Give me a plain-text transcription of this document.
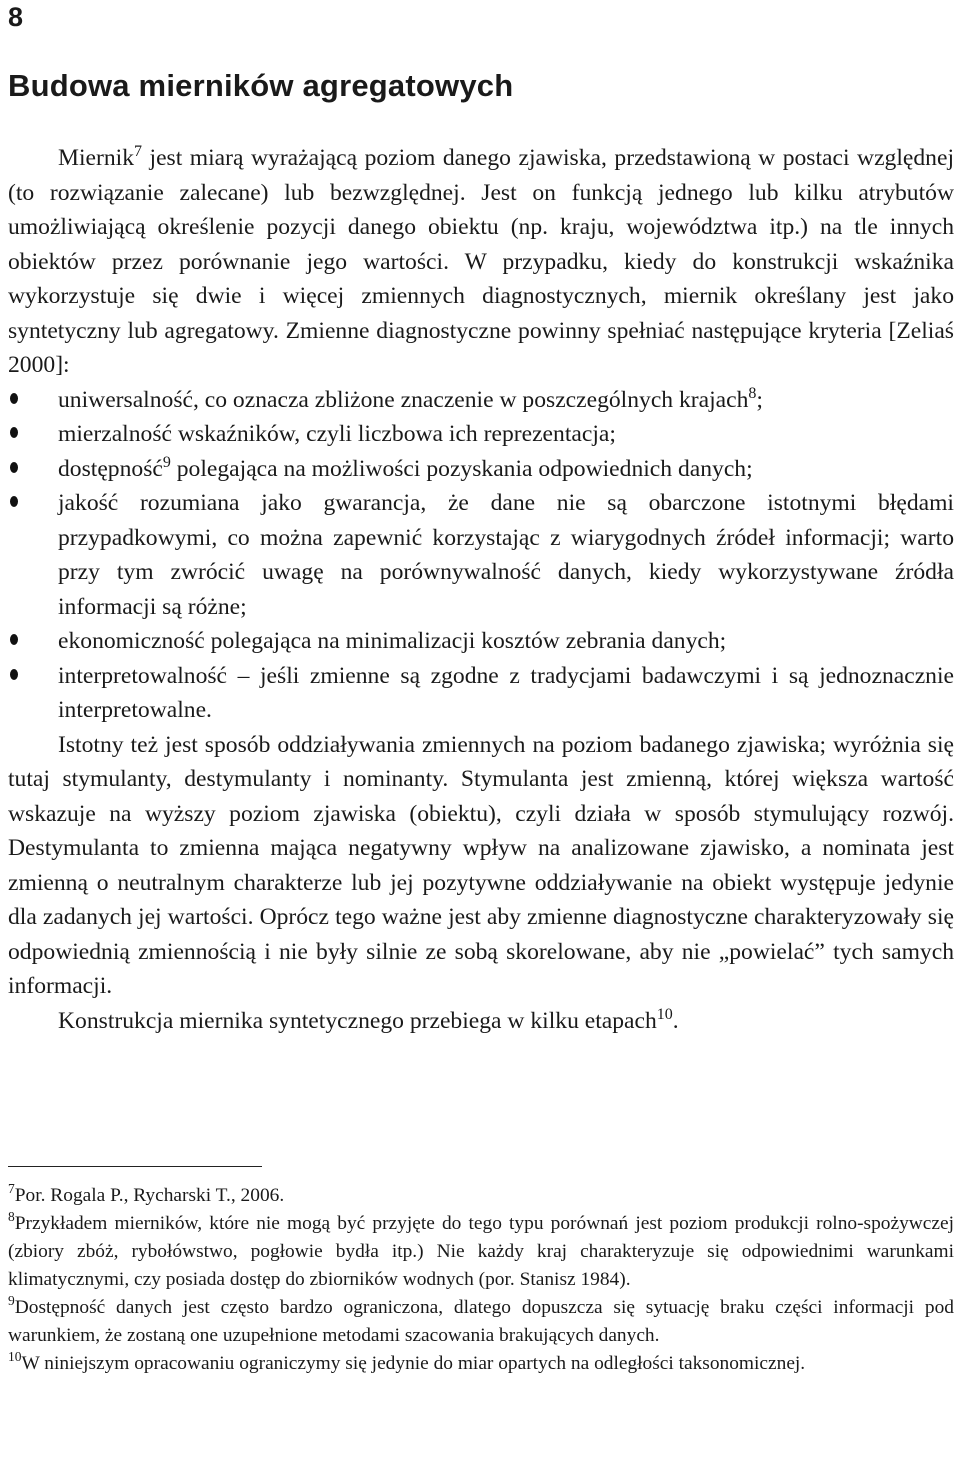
8
Budowa mierników agregatowych

Miernik$^7$ jest miarą wyrażającą poziom danego zjawiska, przedstawioną w postaci względnej (to rozwiązanie zalecane) lub bezwzględnej. Jest on funkcją jednego lub kilku atrybutów umożliwiającą określenie pozycji danego obiektu (np. kraju, województwa itp.) na tle innych obiektów przez porównanie jego wartości. W przypadku, kiedy do konstrukcji wskaźnika wykorzystuje się dwie i więcej zmiennych diagnostycznych, miernik określany jest jako syntetyczny lub agregatowy. Zmienne diagnostyczne powinny spełniać następujące kryteria [Zeliaś 2000]:

uniwersalność, co oznacza zbliżone znaczenie w poszczególnych krajach$^8$;
mierzalność wskaźników, czyli liczbowa ich reprezentacja;
dostępność$^9$ polegająca na możliwości pozyskania odpowiednich danych;
jakość rozumiana jako gwarancja, że dane nie są obarczone istotnymi błędami przypadkowymi, co można zapewnić korzystając z wiarygodnych źródeł informacji; warto przy tym zwrócić uwagę na porównywalność danych, kiedy wykorzystywane źródła informacji są różne;
ekonomiczność polegająca na minimalizacji kosztów zebrania danych;
interpretowalność – jeśli zmienne są zgodne z tradycjami badawczymi i są jednoznacznie interpretowalne.

Istotny też jest sposób oddziaływania zmiennych na poziom badanego zjawiska; wyróżnia się tutaj stymulanty, destymulanty i nominanty. Stymulanta jest zmienną, której większa wartość wskazuje na wyższy poziom zjawiska (obiektu), czyli działa w sposób stymulujący rozwój. Destymulanta to zmienna mająca negatywny wpływ na analizowane zjawisko, a nominata jest zmienną o neutralnym charakterze lub jej pozytywne oddziaływanie na obiekt występuje jedynie dla zadanych jej wartości. Oprócz tego ważne jest aby zmienne diagnostyczne charakteryzowały się odpowiednią zmiennością i nie były silnie ze sobą skorelowane, aby nie „powielać” tych samych informacji.

Konstrukcja miernika syntetycznego przebiega w kilku etapach$^{10}$.

$^7$Por. Rogala P., Rycharski T., 2006.

$^8$Przykładem mierników, które nie mogą być przyjęte do tego typu porównań jest poziom produkcji rolno-spożywczej (zbiory zbóż, rybołówstwo, pogłowie bydła itp.) Nie każdy kraj charakteryzuje się odpowiednimi warunkami klimatycznymi, czy posiada dostęp do zbiorników wodnych (por. Stanisz 1984).

$^9$Dostępność danych jest często bardzo ograniczona, dlatego dopuszcza się sytuację braku części informacji pod warunkiem, że zostaną one uzupełnione metodami szacowania brakujących danych.

$^{10}$W niniejszym opracowaniu ograniczymy się jedynie do miar opartych na odległości taksonomicznej.
